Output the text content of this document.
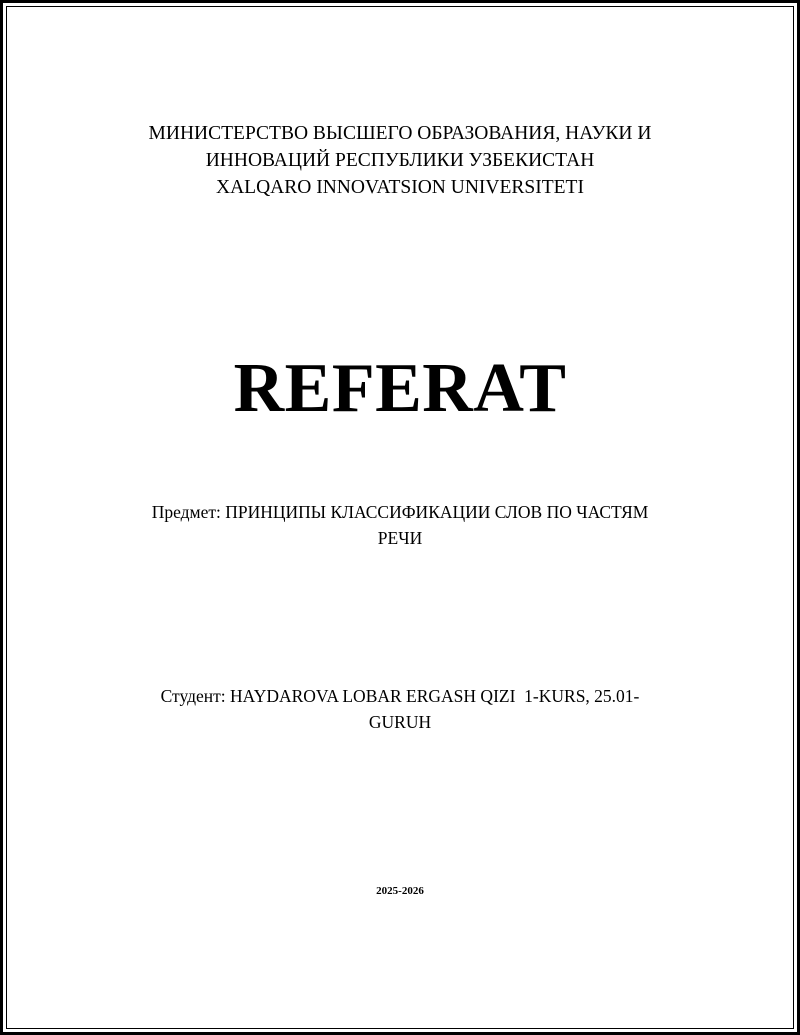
МИНИСТЕРСТВО ВЫСШЕГО ОБРАЗОВАНИЯ, НАУКИ И
ИННОВАЦИЙ РЕСПУБЛИКИ УЗБЕКИСТАН
XALQARO INNOVATSION UNIVERSITETI
REFERAT
Предмет: ПРИНЦИПЫ КЛАССИФИКАЦИИ СЛОВ ПО ЧАСТЯМ
РЕЧИ
Студент: HAYDAROVA LOBAR ERGASH QIZI  1-KURS, 25.01-
GURUH
2025-2026
